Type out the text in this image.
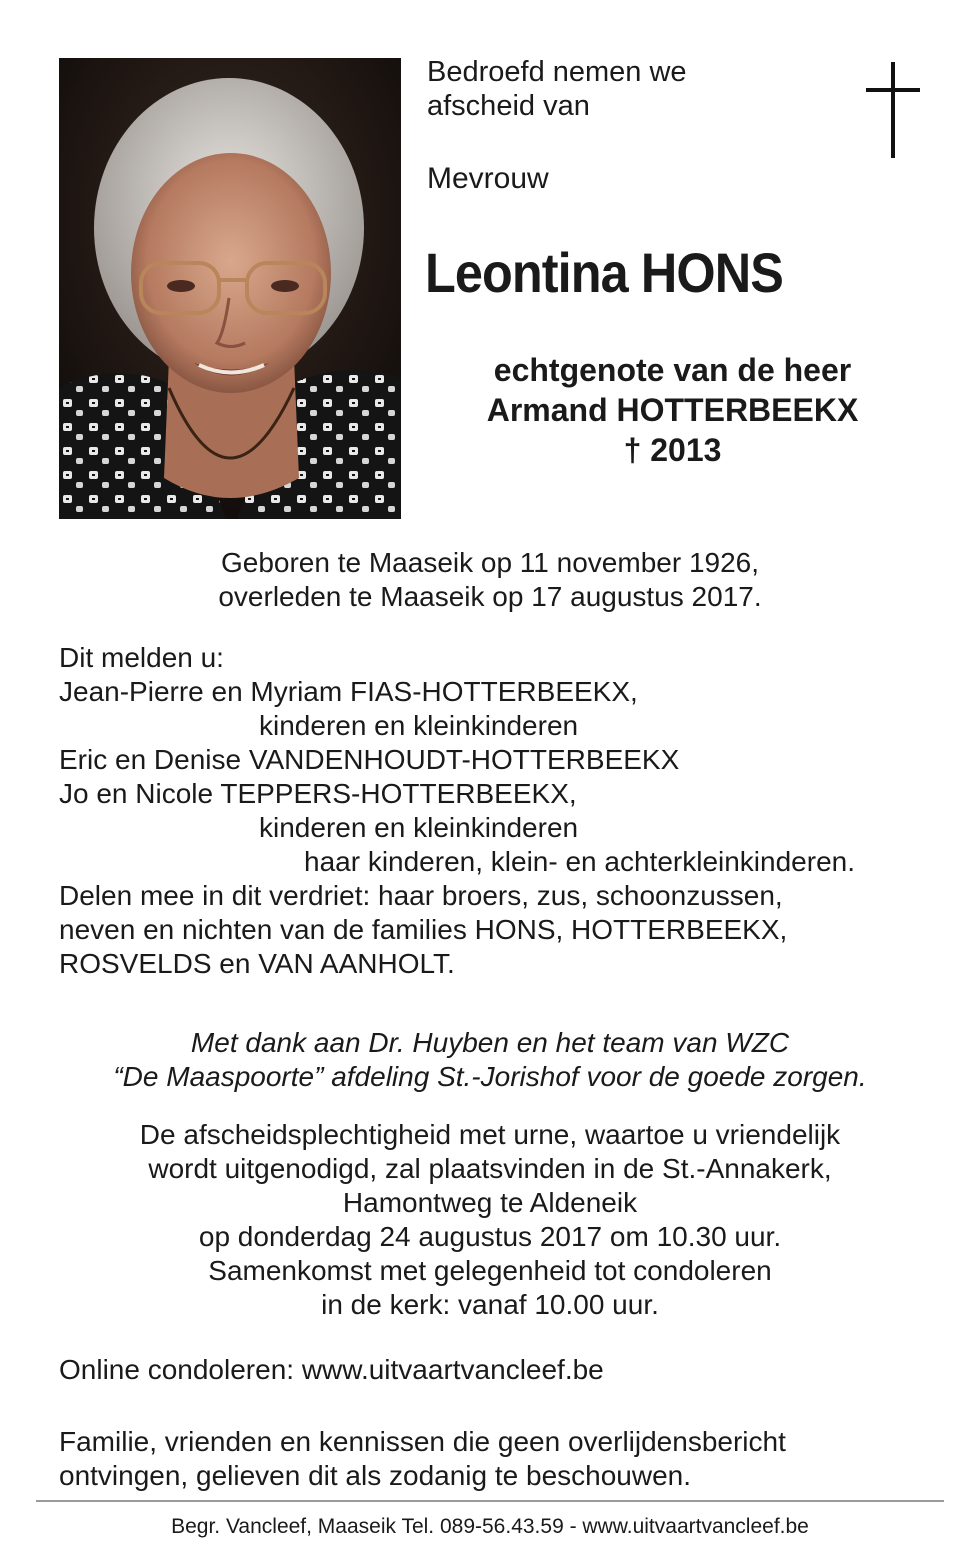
Bedroefd nemen we
afscheid van

Mevrouw

Leontina HONS

echtgenote van de heer
Armand HOTTERBEEKX
† 2013

Geboren te Maaseik op 11 november 1926,
overleden te Maaseik op 17 augustus 2017.

Dit melden u:
Jean-Pierre en Myriam FIAS-HOTTERBEEKX,
kinderen en kleinkinderen
Eric en Denise VANDENHOUDT-HOTTERBEEKX
Jo en Nicole TEPPERS-HOTTERBEEKX,
kinderen en kleinkinderen
haar kinderen, klein- en achterkleinkinderen.
Delen mee in dit verdriet: haar broers, zus, schoonzussen,
neven en nichten van de families HONS, HOTTERBEEKX,
ROSVELDS en VAN AANHOLT.

Met dank aan Dr. Huyben en het team van WZC
“De Maaspoorte” afdeling St.-Jorishof voor de goede zorgen.

De afscheidsplechtigheid met urne, waartoe u vriendelijk
wordt uitgenodigd, zal plaatsvinden in de St.-Annakerk,
Hamontweg te Aldeneik
op donderdag 24 augustus 2017 om 10.30 uur.
Samenkomst met gelegenheid tot condoleren
in de kerk: vanaf 10.00 uur.

Online condoleren: www.uitvaartvancleef.be

Familie, vrienden en kennissen die geen overlijdensbericht
ontvingen, gelieven dit als zodanig te beschouwen.

Begr. Vancleef, Maaseik Tel. 089-56.43.59 - www.uitvaartvancleef.be
